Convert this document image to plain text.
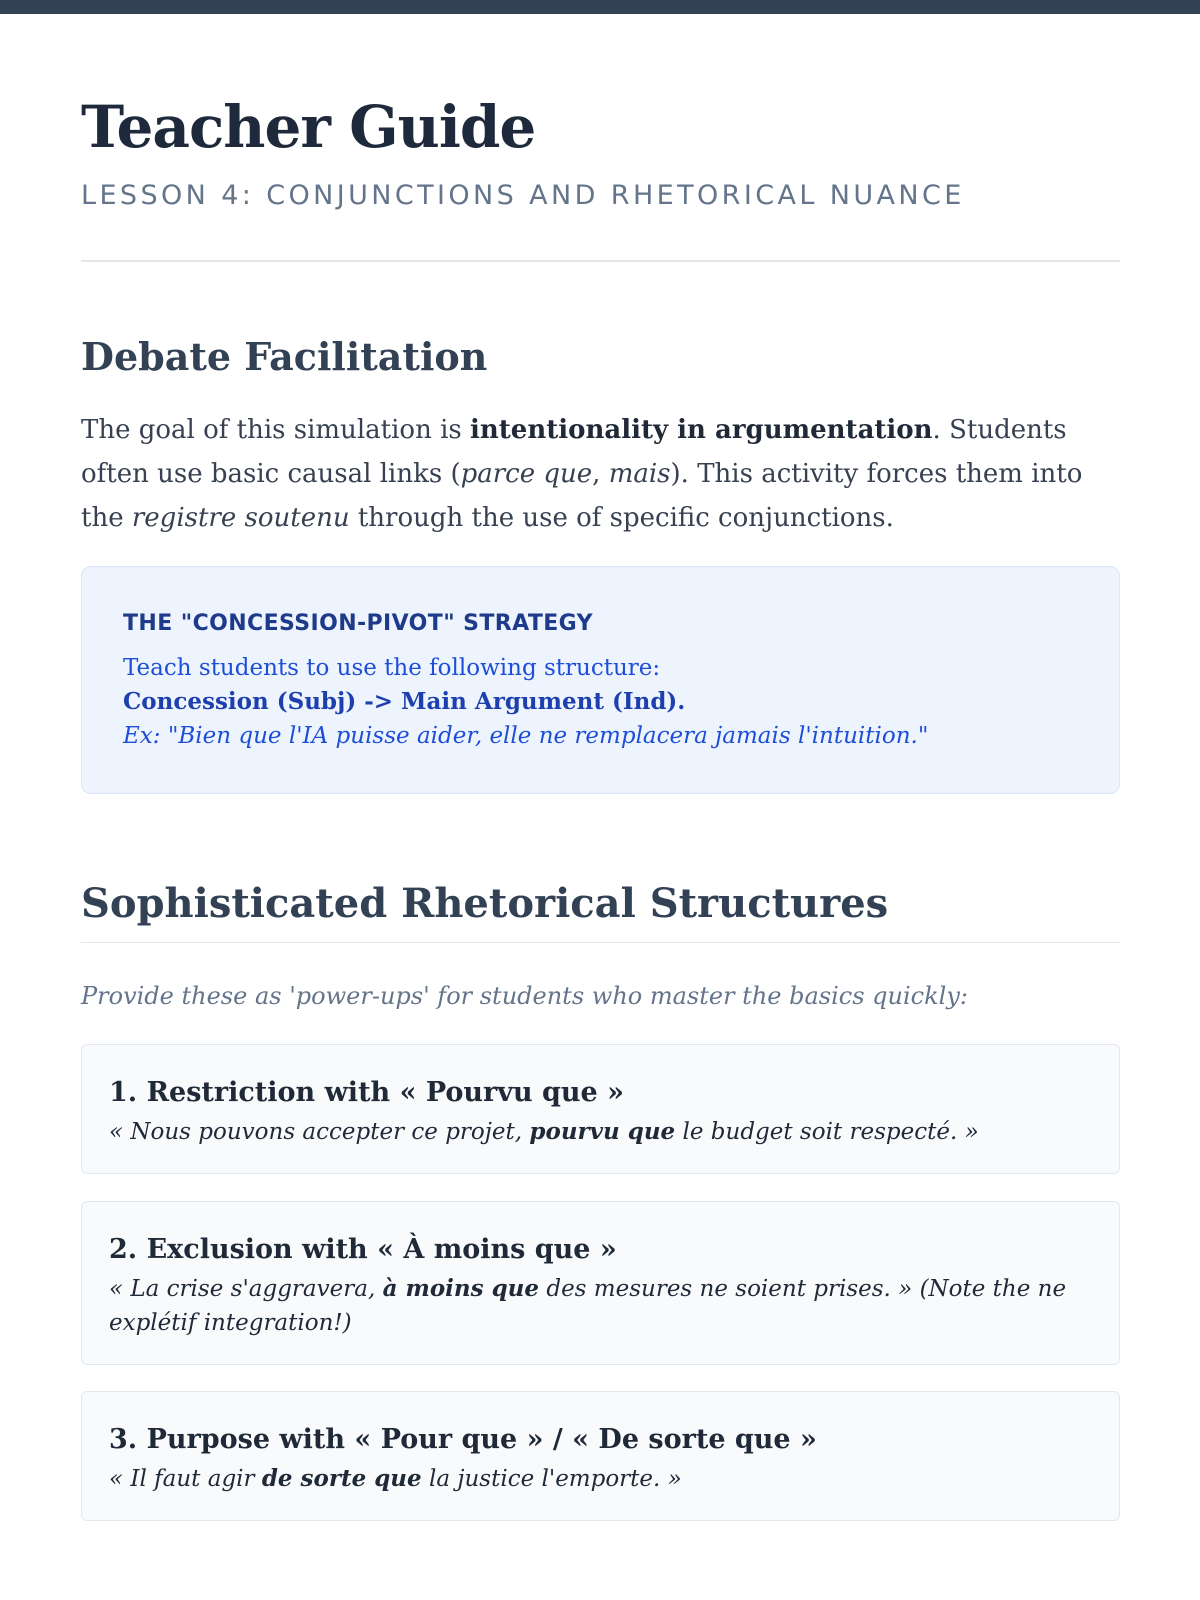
Teacher Guide
LESSON 4: CONJUNCTIONS AND RHETORICAL NUANCE
Debate Facilitation

The goal of this simulation is intentionality in argumentation. Students often use basic causal links (parce que, mais). This activity forces them into the registre soutenu through the use of specific conjunctions.

THE "CONCESSION-PIVOT" STRATEGY
Teach students to use the following structure:
Concession (Subj) -> Main Argument (Ind).
Ex: "Bien que l'IA puisse aider, elle ne remplacera jamais l'intuition."
Sophisticated Rhetorical Structures
Provide these as 'power-ups' for students who master the basics quickly:
1. Restriction with « Pourvu que »
« Nous pouvons accepter ce projet, pourvu que le budget soit respecté. »
2. Exclusion with « À moins que »
« La crise s'aggravera, à moins que des mesures ne soient prises. » (Note the ne explétif integration!)
3. Purpose with « Pour que » / « De sorte que »
« Il faut agir de sorte que la justice l'emporte. »
